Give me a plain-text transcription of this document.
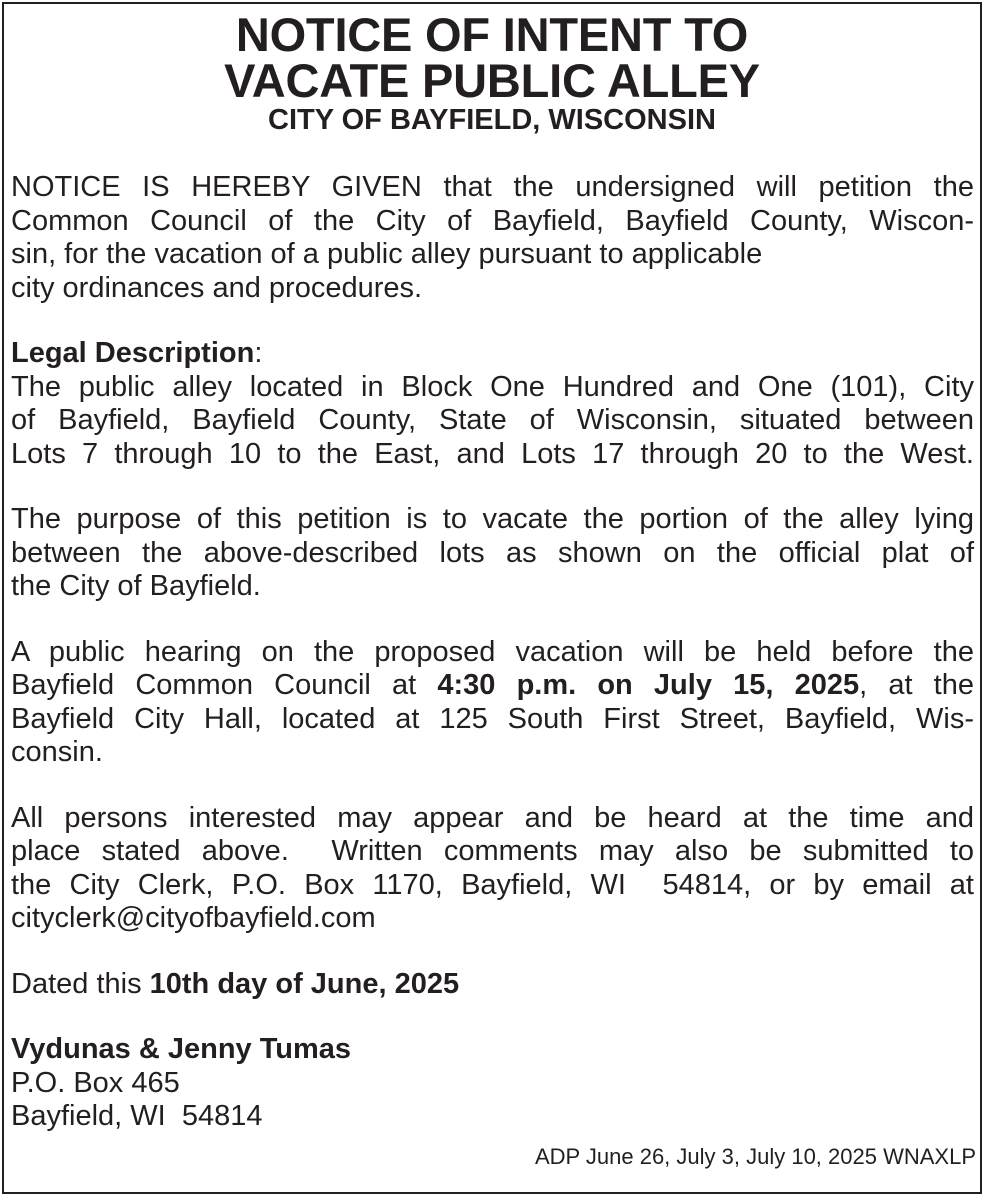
NOTICE OF INTENT TO

VACATE PUBLIC ALLEY

CITY OF BAYFIELD, WISCONSIN

NOTICE IS HEREBY GIVEN that the undersigned will petition the

Common Council of the City of Bayfield, Bayfield County, Wiscon-

sin, for the vacation of a public alley pursuant to applicable

city ordinances and procedures.

Legal Description:

The public alley located in Block One Hundred and One (101), City

of Bayfield, Bayfield County, State of Wisconsin, situated between

Lots 7 through 10 to the East, and Lots 17 through 20 to the West.

The purpose of this petition is to vacate the portion of the alley lying

between the above-described lots as shown on the official plat of

the City of Bayfield.

A public hearing on the proposed vacation will be held before the

Bayfield Common Council at 4:30 p.m. on July 15, 2025, at the

Bayfield City Hall, located at 125 South First Street, Bayfield, Wis-

consin.

All persons interested may appear and be heard at the time and

place stated above.  Written comments may also be submitted to

the City Clerk, P.O. Box 1170, Bayfield, WI  54814, or by email at

cityclerk@cityofbayfield.com

Dated this 10th day of June, 2025

Vydunas & Jenny Tumas

P.O. Box 465

Bayfield, WI  54814

ADP June 26, July 3, July 10, 2025 WNAXLP
